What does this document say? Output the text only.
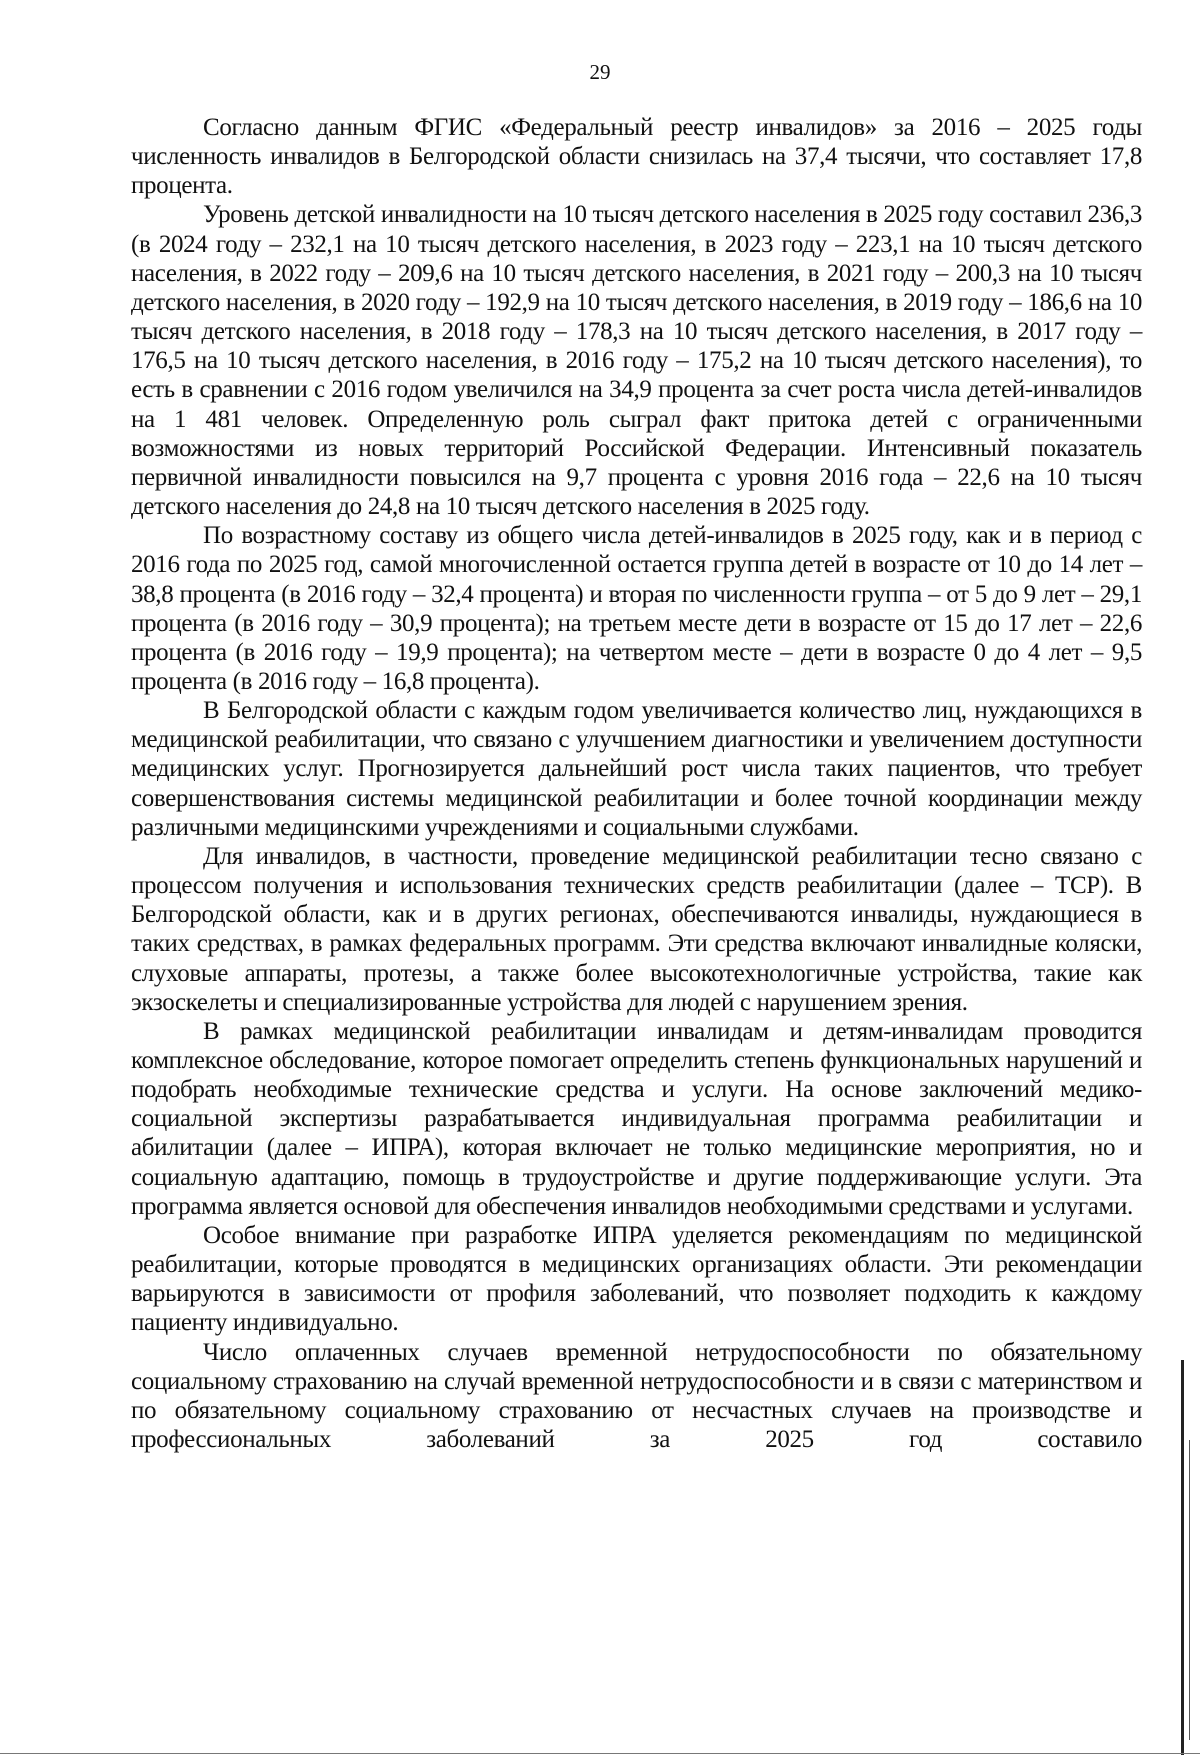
29

Согласно данным ФГИС «Федеральный реестр инвалидов» за 2016 – 2025 годы численность инвалидов в Белгородской области снизилась на 37,4 тысячи, что составляет 17,8 процента.

Уровень детской инвалидности на 10 тысяч детского населения в 2025 году составил 236,3 (в 2024 году – 232,1 на 10 тысяч детского населения, в 2023 году – 223,1 на 10 тысяч детского населения, в 2022 году – 209,6 на 10 тысяч детского населения, в 2021 году – 200,3 на 10 тысяч детского населения, в 2020 году – 192,9 на 10 тысяч детского населения, в 2019 году – 186,6 на 10 тысяч детского населения, в 2018 году – 178,3 на 10 тысяч детского населения, в 2017 году – 176,5 на 10 тысяч детского населения, в 2016 году – 175,2 на 10 тысяч детского населения), то есть в сравнении с 2016 годом увеличился на 34,9 процента за счет роста числа детей-инвалидов на 1 481 человек. Определенную роль сыграл факт притока детей с ограниченными возможностями из новых территорий Российской Федерации. Интенсивный показатель первичной инвалидности повысился на 9,7 процента с уровня 2016 года – 22,6 на 10 тысяч детского населения до 24,8 на 10 тысяч детского населения в 2025 году.

По возрастному составу из общего числа детей-инвалидов в 2025 году, как и в период с 2016 года по 2025 год, самой многочисленной остается группа детей в возрасте от 10 до 14 лет – 38,8 процента (в 2016 году – 32,4 процента) и вторая по численности группа – от 5 до 9 лет – 29,1 процента (в 2016 году – 30,9 процента); на третьем месте дети в возрасте от 15 до 17 лет – 22,6 процента (в 2016 году – 19,9 процента); на четвертом месте – дети в возрасте 0 до 4 лет – 9,5 процента (в 2016 году – 16,8 процента).

В Белгородской области с каждым годом увеличивается количество лиц, нуждающихся в медицинской реабилитации, что связано с улучшением диагностики и увеличением доступности медицинских услуг. Прогнозируется дальнейший рост числа таких пациентов, что требует совершенствования системы медицинской реабилитации и более точной координации между различными медицинскими учреждениями и социальными службами.

Для инвалидов, в частности, проведение медицинской реабилитации тесно связано с процессом получения и использования технических средств реабилитации (далее – ТСР). В Белгородской области, как и в других регионах, обеспечиваются инвалиды, нуждающиеся в таких средствах, в рамках федеральных программ. Эти средства включают инвалидные коляски, слуховые аппараты, протезы, а также более высокотехнологичные устройства, такие как экзоскелеты и специализированные устройства для людей с нарушением зрения.

В рамках медицинской реабилитации инвалидам и детям-инвалидам проводится комплексное обследование, которое помогает определить степень функциональных нарушений и подобрать необходимые технические средства и услуги. На основе заключений медико-социальной экспертизы разрабатывается индивидуальная программа реабилитации и абилитации (далее – ИПРА), которая включает не только медицинские мероприятия, но и социальную адаптацию, помощь в трудоустройстве и другие поддерживающие услуги. Эта программа является основой для обеспечения инвалидов необходимыми средствами и услугами.

Особое внимание при разработке ИПРА уделяется рекомендациям по медицинской реабилитации, которые проводятся в медицинских организациях области. Эти рекомендации варьируются в зависимости от профиля заболеваний, что позволяет подходить к каждому пациенту индивидуально.

Число оплаченных случаев временной нетрудоспособности по обязательному социальному страхованию на случай временной нетрудоспособности и в связи с материнством и по обязательному социальному страхованию от несчастных случаев на производстве и профессиональных заболеваний за 2025 год составило
